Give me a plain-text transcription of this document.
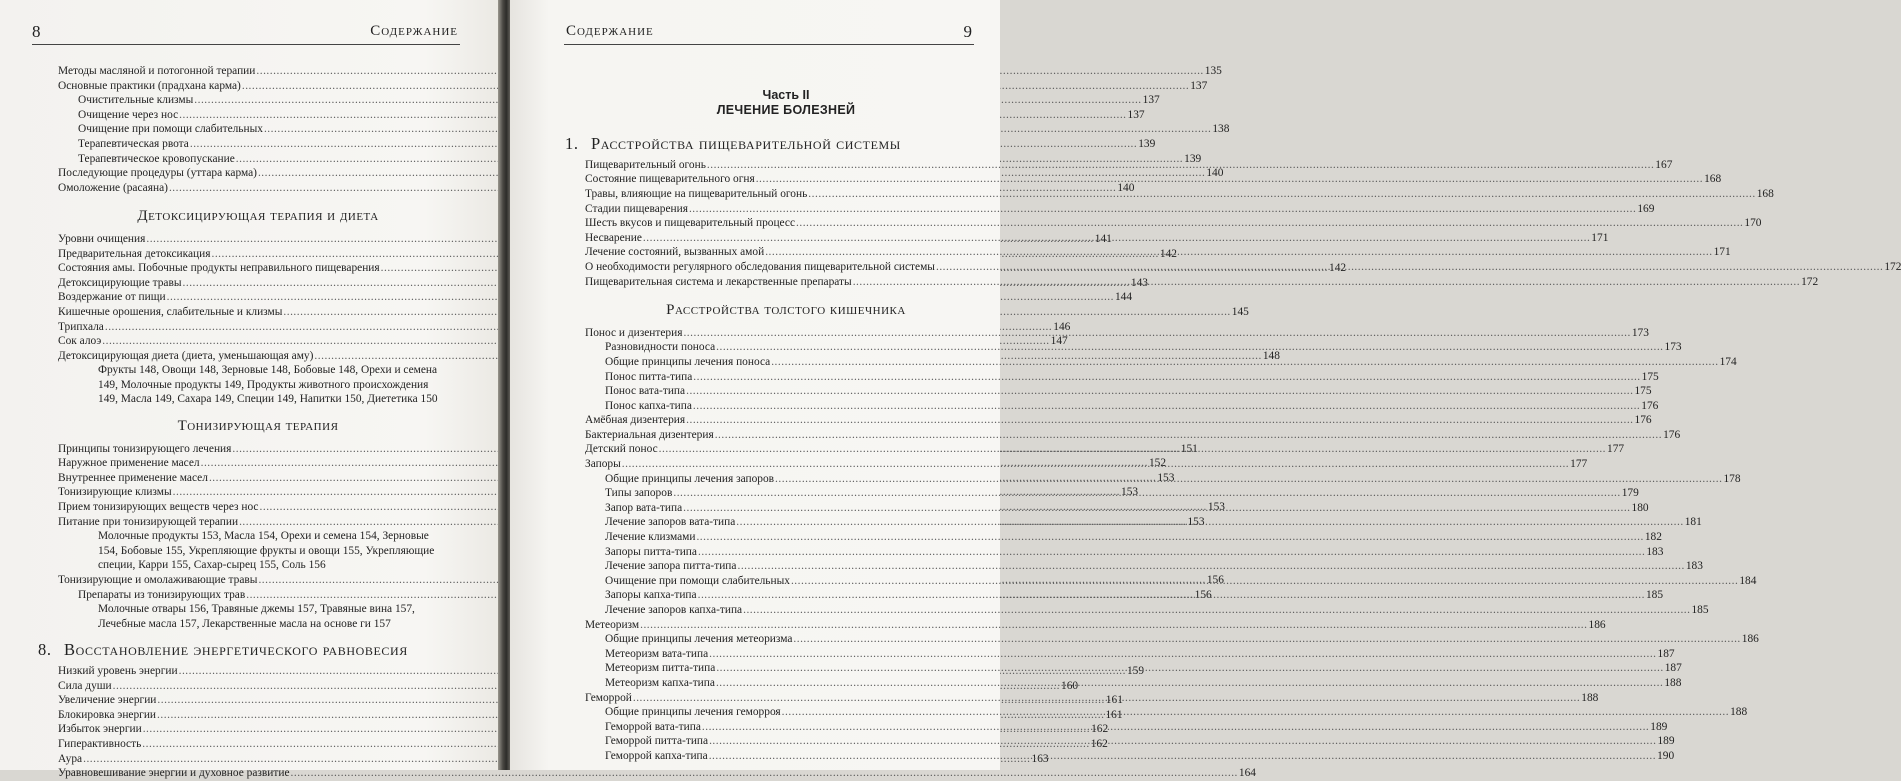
8	Содержание
Методы масляной и потогонной терапии .....	135
Основные практики (прадхана карма) .....	137
Очистительные клизмы .....	137
Очищение через нос .....	137
Очищение при помощи слабительных .....	138
Терапевтическая рвота .....	139
Терапевтическое кровопускание .....	139
Последующие процедуры (уттара карма) .....	140
Омоложение (расаяна) .....	140
Детоксицирующая терапия и диета
Уровни очищения .....	141
Предварительная детоксикация .....	142
Состояния амы. Побочные продукты неправильного пищеварения .....	142
Детоксицирующие травы .....	143
Воздержание от пищи .....	144
Кишечные орошения, слабительные и клизмы .....	145
Трипхала .....	146
Сок алоэ .....	147
Детоксицирующая диета (диета, уменьшающая аму) .....	148
Фрукты 148, Овощи 148, Зерновые 148, Бобовые 148, Орехи и семена 149, Молочные продукты 149, Продукты животного происхождения 149, Масла 149, Сахара 149, Специи 149, Напитки 150, Диететика 150
Тонизирующая терапия
Принципы тонизирующего лечения .....	151
Наружное применение масел .....	152
Внутреннее применение масел .....	153
Тонизирующие клизмы .....	153
Прием тонизирующих веществ через нос .....	153
Питание при тонизирующей терапии .....	153
Молочные продукты 153, Масла 154, Орехи и семена 154, Зерновые 154, Бобовые 155, Укрепляющие фрукты и овощи 155, Укрепляющие специи, Карри 155, Сахар-сырец 155, Соль 156
Тонизирующие и омолаживающие травы .....	156
Препараты из тонизирующих трав .....	156
Молочные отвары 156, Травяные джемы 157, Травяные вина 157, Лечебные масла 157, Лекарственные масла на основе ги 157
8. Восстановление энергетического равновесия
Низкий уровень энергии .....	159
Сила души .....	160
Увеличение энергии .....	161
Блокировка энергии .....	161
Избыток энергии .....	162
Гиперактивность .....	162
Аура .....	163
Уравновешивание энергии и духовное развитие .....	164
Содержание	9
Часть II
ЛЕЧЕНИЕ БОЛЕЗНЕЙ
1. Расстройства пищеварительной системы
Пищеварительный огонь .....	167
Состояние пищеварительного огня .....	168
Травы, влияющие на пищеварительный огонь .....	168
Стадии пищеварения .....	169
Шесть вкусов и пищеварительный процесс .....	170
Несварение .....	171
Лечение состояний, вызванных амой .....	171
О необходимости регулярного обследования пищеварительной системы .....	172
Пищеварительная система и лекарственные препараты .....	172
Расстройства толстого кишечника
Понос и дизентерия .....	173
Разновидности поноса .....	173
Общие принципы лечения поноса .....	174
Понос питта-типа .....	175
Понос вата-типа .....	175
Понос капха-типа .....	176
Амёбная дизентерия .....	176
Бактериальная дизентерия .....	176
Детский понос .....	177
Запоры .....	177
Общие принципы лечения запоров .....	178
Типы запоров .....	179
Запор вата-типа .....	180
Лечение запоров вата-типа .....	181
Лечение клизмами .....	182
Запоры питта-типа .....	183
Лечение запора питта-типа .....	183
Очищение при помощи слабительных .....	184
Запоры капха-типа .....	185
Лечение запоров капха-типа .....	185
Метеоризм .....	186
Общие принципы лечения метеоризма .....	186
Метеоризм вата-типа .....	187
Метеоризм питта-типа .....	187
Метеоризм капха-типа .....	188
Геморрой .....	188
Общие принципы лечения геморроя .....	188
Геморрой вата-типа .....	189
Геморрой питта-типа .....	189
Геморрой капха-типа .....	190
